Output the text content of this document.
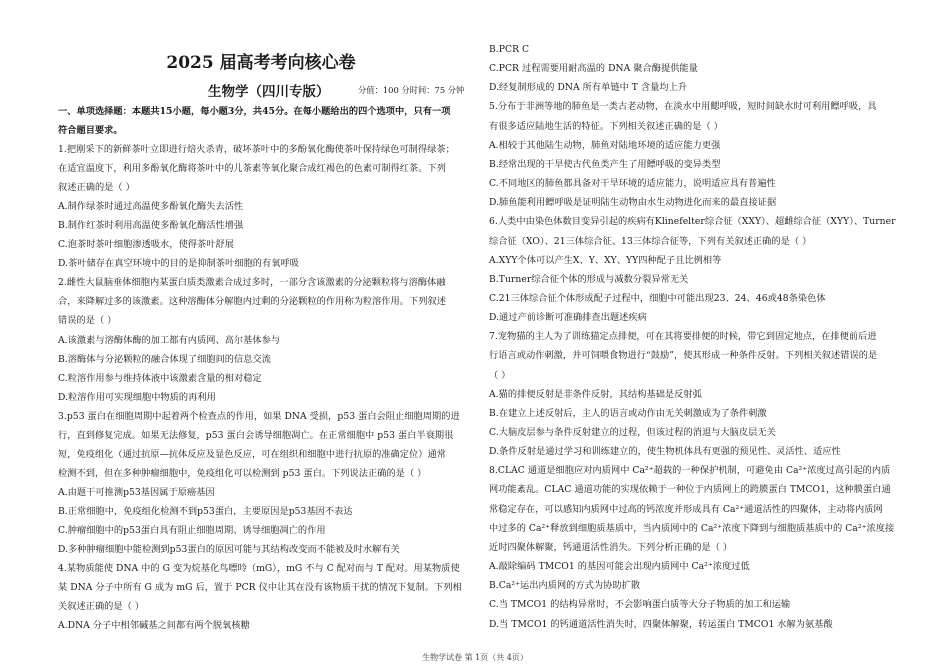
2025 届高考考向核心卷
生物学（四川专版）	分值：100 分时间：75 分钟
一、单项选择题：本题共15小题，每小题3分，共45分。在每小题给出的四个选项中，只有一项
符合题目要求。
1.把刚采下的新鲜茶叶立即进行焙火杀青，破坏茶叶中的多酚氧化酶使茶叶保持绿色可制得绿茶；
在适宜温度下，利用多酚氧化酶将茶叶中的儿茶素等氧化聚合成红褐色的色素可制得红茶。下列
叙述正确的是（ ）
A.制作绿茶时通过高温使多酚氧化酶失去活性
B.制作红茶时利用高温使多酚氧化酶活性增强
C.泡茶时茶叶细胞渗透吸水，使得茶叶舒展
D.茶叶储存在真空环境中的目的是抑制茶叶细胞的有氧呼吸
2.雌性大鼠脑垂体细胞内某蛋白质类激素合成过多时，一部分含该激素的分泌颗粒将与溶酶体融
合，来降解过多的该激素。这种溶酶体分解胞内过剩的分泌颗粒的作用称为粒溶作用。下列叙述
错误的是（ ）
A.该激素与溶酶体酶的加工都有内质网、高尔基体参与
B.溶酶体与分泌颗粒的融合体现了细胞间的信息交流
C.粒溶作用参与维持体液中该激素含量的相对稳定
D.粒溶作用可实现细胞中物质的再利用
3.p53 蛋白在细胞周期中起着两个检查点的作用，如果 DNA 受损，p53 蛋白会阻止细胞周期的进
行，直到修复完成。如果无法修复，p53 蛋白会诱导细胞凋亡。在正常细胞中 p53 蛋白半衰期很
短，免疫组化（通过抗原—抗体反应及显色反应，可在组织和细胞中进行抗原的准确定位）通常
检测不到，但在多种肿瘤细胞中，免疫组化可以检测到 p53 蛋白。下列说法正确的是（ ）
A.由题干可推测p53基因属于原癌基因
B.正常细胞中，免疫组化检测不到p53蛋白，主要原因是p53基因不表达
C.肿瘤细胞中的p53蛋白具有阻止细胞周期、诱导细胞凋亡的作用
D.多种肿瘤细胞中能检测到p53蛋白的原因可能与其结构改变而不能被及时水解有关
4.某物质能使 DNA 中的 G 变为烷基化鸟嘌呤（mG），mG 不与 C 配对而与 T 配对。用某物质使
某 DNA 分子中所有 G 成为 mG 后，置于 PCR 仪中让其在没有该物质干扰的情况下复制。下列相
关叙述正确的是（ ）
A.DNA 分子中相邻碱基之间都有两个脱氧核糖
B.PCR C
C.PCR 过程需要用耐高温的 DNA 聚合酶提供能量
D.经复制形成的 DNA 所有单链中 T 含量均上升
5.分布于非洲等地的肺鱼是一类古老动物，在淡水中用鳃呼吸，短时间缺水时可利用鳔呼吸，具
有很多适应陆地生活的特征。下列相关叙述正确的是（ ）
A.相较于其他陆生动物，肺鱼对陆地环境的适应能力更强
B.经常出现的干旱使古代鱼类产生了用鳔呼吸的变异类型
C.不同地区的肺鱼都具备对干旱环境的适应能力，说明适应具有普遍性
D.肺鱼能利用鳔呼吸是证明陆生动物由水生动物进化而来的最直接证据
6.人类中由染色体数目变异引起的疾病有Klinefelter综合征（XXY）、超雌综合征（XYY）、Turner
综合征（XO）、21三体综合征、13三体综合征等，下列有关叙述正确的是（ ）
A.XYY个体可以产生X、Y、XY、YY四种配子且比例相等
B.Turner综合征个体的形成与减数分裂异常无关
C.21三体综合征个体形成配子过程中，细胞中可能出现23、24、46或48条染色体
D.通过产前诊断可准确排查出题述疾病
7.宠物猫的主人为了训练猫定点排便，可在其将要排便的时候，带它到固定地点，在排便前后进
行语言或动作刺激，并可饲喂食物进行“鼓励”，使其形成一种条件反射。下列相关叙述错误的是
（ ）
A.猫的排便反射是非条件反射，其结构基础是反射弧
B.在建立上述反射后，主人的语言或动作由无关刺激成为了条件刺激
C.大脑皮层参与条件反射建立的过程，但该过程的消退与大脑皮层无关
D.条件反射是通过学习和训练建立的，使生物机体具有更强的预见性、灵活性、适应性
8.CLAC 通道是细胞应对内质网中 Ca²⁺超载的一种保护机制，可避免由 Ca²⁺浓度过高引起的内质
网功能紊乱。CLAC 通道功能的实现依赖于一种位于内质网上的跨膜蛋白 TMCO1，这种膜蛋白通
常稳定存在，可以感知内质网中过高的钙浓度并形成具有 Ca²⁺通道活性的四聚体，主动将内质网
中过多的 Ca²⁺释放到细胞质基质中，当内质网中的 Ca²⁺浓度下降到与细胞质基质中的 Ca²⁺浓度接
近时四聚体解聚，钙通道活性消失。下列分析正确的是（ ）
A.敲除编码 TMCO1 的基因可能会出现内质网中 Ca²⁺浓度过低
B.Ca²⁺运出内质网的方式为协助扩散
C.当 TMCO1 的结构异常时，不会影响蛋白质等大分子物质的加工和运输
D.当 TMCO1 的钙通道活性消失时，四聚体解聚，转运蛋白 TMCO1 水解为氨基酸
生物学试卷 第 1页（共 4页）
